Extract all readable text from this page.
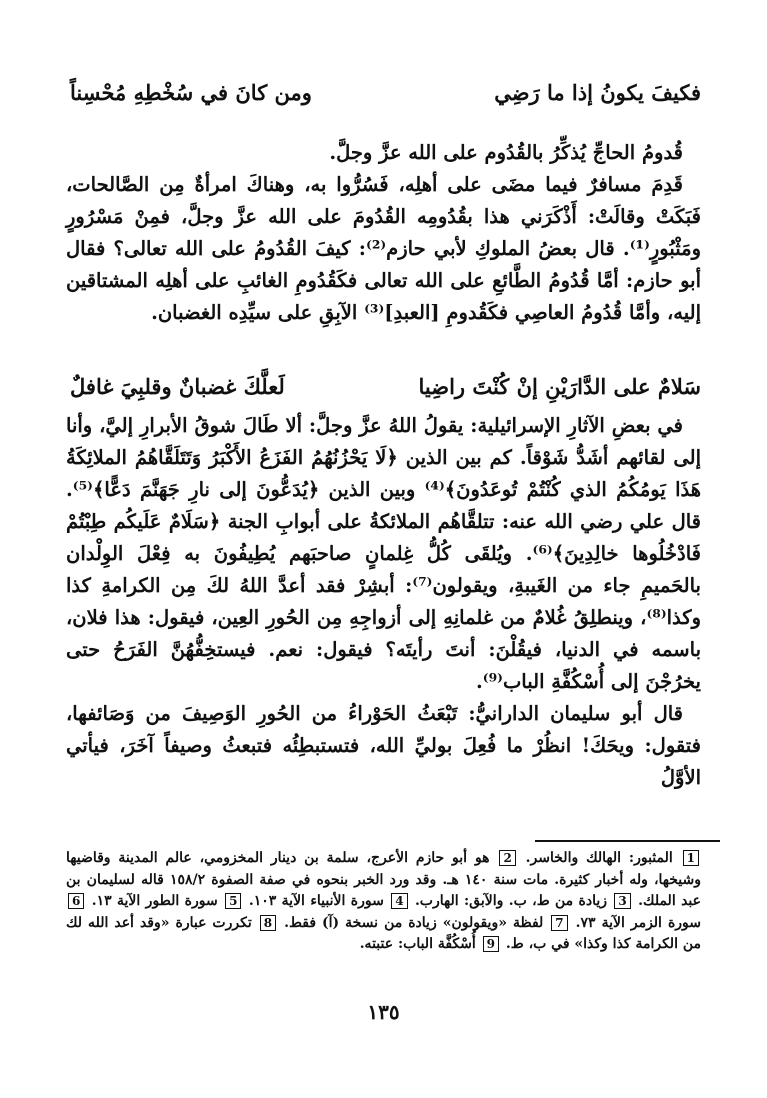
ومن كانَ في سُخْطِهِ مُحْسِناً	فكيفَ يكونُ إذا ما رَضِي

قُدومُ الحاجِّ يُذكِّرُ بالقُدُوم على الله عزَّ وجلَّ.

قَدِمَ مسافرٌ فيما مضَى على أهلِه، فَسُرُّوا به، وهناكَ امرأةٌ مِن الصَّالحات، فَبَكَتْ وقالَتْ: أَذْكَرَني هذا بقُدُومِه القُدُومَ على الله عزَّ وجلَّ، فمِنْ مَسْرُورٍ ومَثْبُورٍ⁽¹⁾. قال بعضُ الملوكِ لأبي حازم⁽²⁾: كيفَ القُدُومُ على الله تعالى؟ فقال أبو حازم: أمَّا قُدُومُ الطَّائعِ على الله تعالى فكَقُدُومِ الغائبِ على أهلِه المشتاقين إليه، وأمَّا قُدُومُ العاصِي فكَقُدومِ [العبدِ]⁽³⁾ الآبِقِ على سيِّدِه الغضبان.

لَعلَّكَ غضبانٌ وقلبِيَ غافلٌ	سَلامٌ على الدَّارَيْنِ إنْ كُنْتَ راضِيا

في بعضِ الآثارِ الإسرائيلية: يقولُ اللهُ عزَّ وجلَّ: ألا طَالَ شوقُ الأبرارِ إليَّ، وأنا إلى لقائهم أشَدُّ شَوْقاً. كم بين الذين ﴿لَا يَحْزُنُهُمُ الفَزَعُ الأَكْبَرُ وَتَتَلَقَّاهُمُ الملائِكَةُ هَذَا يَومُكُمُ الذي كُنْتُمْ تُوعَدُونَ﴾⁽⁴⁾ وبين الذين ﴿يُدَعُّونَ إلى نارِ جَهَنَّمَ دَعًّا﴾⁽⁵⁾. قال علي رضي الله عنه: تتلقَّاهُم الملائكةُ على أبوابِ الجنة ﴿سَلَامٌ عَلَيكُم طِبْتُمْ فَادْخُلُوها خالِدِينَ﴾⁽⁶⁾. ويُلقَى كُلُّ غِلمانٍ صاحبَهم يُطِيفُونَ به فِعْلَ الوِلْدان بالحَميمِ جاء من الغَيبةِ، ويقولون⁽⁷⁾: أبشِرْ فقد أعدَّ اللهُ لكَ مِن الكرامةِ كذا وكذا⁽⁸⁾، وينطلِقُ غُلامٌ من غلمانِهِ إلى أزواجِهِ مِن الحُورِ العِين، فيقول: هذا فلان، باسمه في الدنيا، فيقُلْنَ: أنتَ رأيتَه؟ فيقول: نعم. فيستخِفُّهُنَّ الفَرَحُ حتى يخرُجْنَ إلى أُسْكُفَّةِ الباب⁽⁹⁾.

قال أبو سليمان الدارانيُّ: تَبْعَثُ الحَوْراءُ من الحُورِ الوَصِيفَ من وَصَائفها، فتقول: ويحَكَ! انظُرْ ما فُعِلَ بوليِّ الله، فتستبطِئُه فتبعثُ وصيفاً آخَرَ، فيأتي الأوَّلُ

1 المثبور: الهالك والخاسر. 2 هو أبو حازم الأعرج، سلمة بن دينار المخزومي، عالم المدينة وقاضيها وشيخها، وله أخبار كثيرة. مات سنة ١٤٠ هـ. وقد ورد الخبر بنحوه في صفة الصفوة ١٥٨/٢ قاله لسليمان بن عبد الملك. 3 زيادة من ط، ب. والآبق: الهارب. 4 سورة الأنبياء الآية ١٠٣. 5 سورة الطور الآية ١٣. 6 سورة الزمر الآية ٧٣. 7 لفظة «ويقولون» زيادة من نسخة (آ) فقط. 8 تكررت عبارة «وقد أعد الله لك من الكرامة كذا وكذا» في ب، ط. 9 أُسْكُفَّة الباب: عتبته.
١٣٥
